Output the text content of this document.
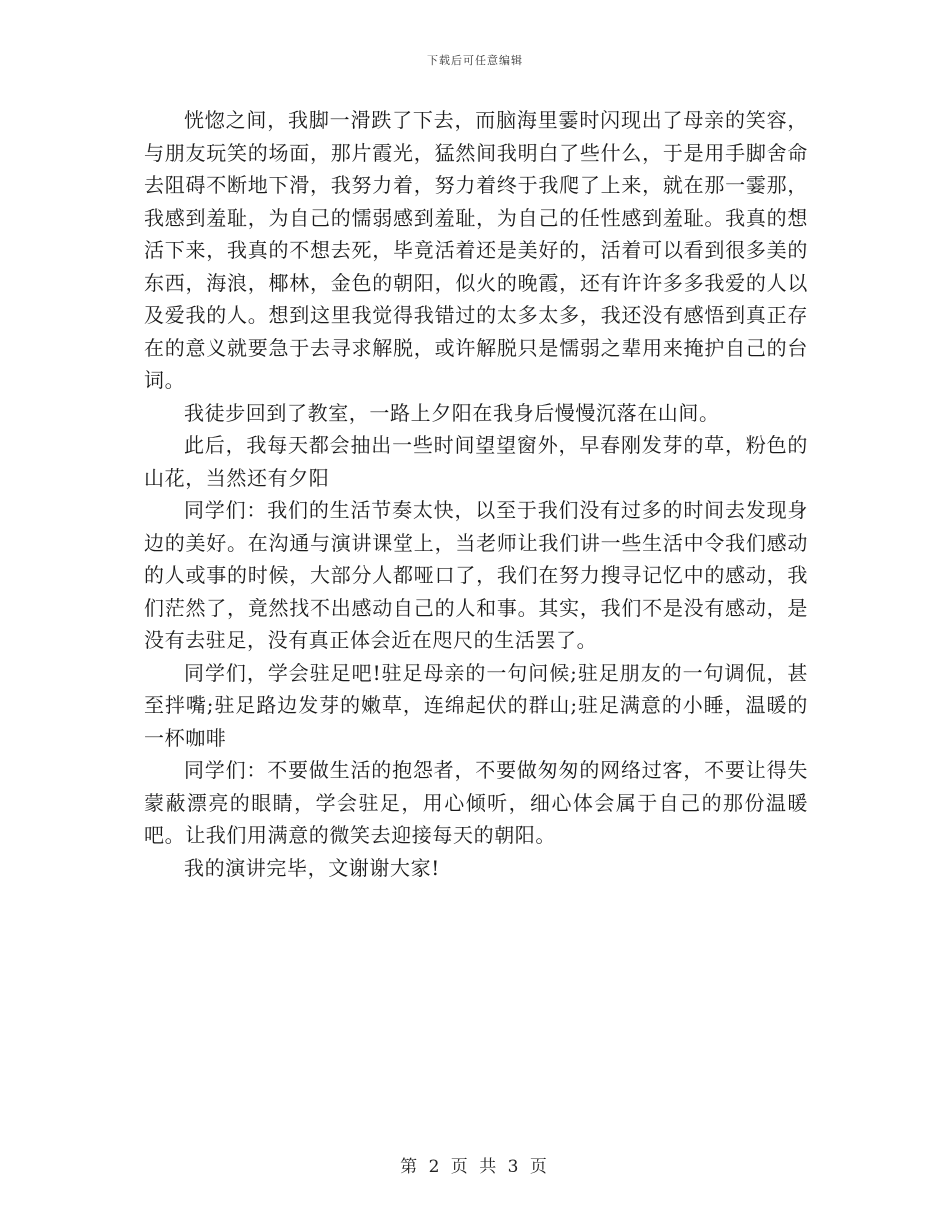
下载后可任意编辑

恍惚之间，我脚一滑跌了下去，而脑海里霎时闪现出了母亲的笑容，与朋友玩笑的场面，那片霞光，猛然间我明白了些什么，于是用手脚舍命去阻碍不断地下滑，我努力着，努力着终于我爬了上来，就在那一霎那，我感到羞耻，为自己的懦弱感到羞耻，为自己的任性感到羞耻。我真的想活下来，我真的不想去死，毕竟活着还是美好的，活着可以看到很多美的东西，海浪，椰林，金色的朝阳，似火的晚霞，还有许许多多我爱的人以及爱我的人。想到这里我觉得我错过的太多太多，我还没有感悟到真正存在的意义就要急于去寻求解脱，或许解脱只是懦弱之辈用来掩护自己的台词。

我徒步回到了教室，一路上夕阳在我身后慢慢沉落在山间。

此后，我每天都会抽出一些时间望望窗外，早春刚发芽的草，粉色的山花，当然还有夕阳

同学们：我们的生活节奏太快，以至于我们没有过多的时间去发现身边的美好。在沟通与演讲课堂上，当老师让我们讲一些生活中令我们感动的人或事的时候，大部分人都哑口了，我们在努力搜寻记忆中的感动，我们茫然了，竟然找不出感动自己的人和事。其实，我们不是没有感动，是没有去驻足，没有真正体会近在咫尺的生活罢了。

同学们，学会驻足吧!驻足母亲的一句问候;驻足朋友的一句调侃，甚至拌嘴;驻足路边发芽的嫩草，连绵起伏的群山;驻足满意的小睡，温暖的一杯咖啡

同学们：不要做生活的抱怨者，不要做匆匆的网络过客，不要让得失蒙蔽漂亮的眼睛，学会驻足，用心倾听，细心体会属于自己的那份温暖吧。让我们用满意的微笑去迎接每天的朝阳。

我的演讲完毕，文谢谢大家!

第 2 页 共 3 页
